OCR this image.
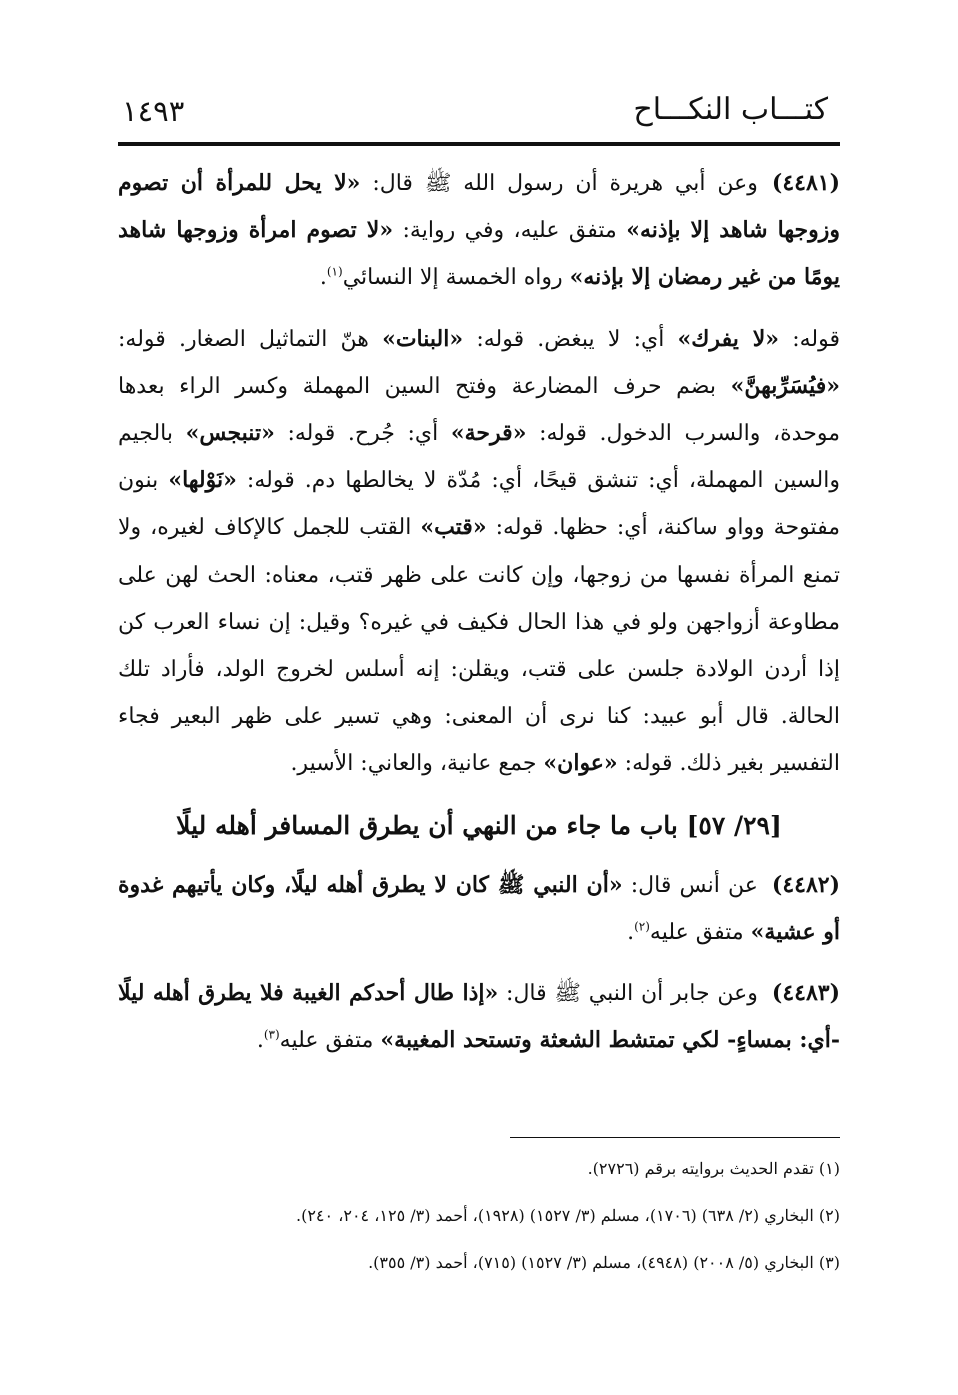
كتـــاب النكـــاح
١٤٩٣

(٤٤٨١)وعن أبي هريرة أن رسول الله ﷺ قال: «لا يحل للمرأة أن تصوم وزوجها شاهد إلا بإذنه» متفق عليه، وفي رواية: «لا تصوم امرأة وزوجها شاهد يومًا من غير رمضان إلا بإذنه» رواه الخمسة إلا النسائي$^{(١)}$.

قوله: «لا يفرك» أي: لا يبغض. قوله: «البنات» هنّ التماثيل الصغار. قوله: «فيُسَرِّبهنَّ» بضم حرف المضارعة وفتح السين المهملة وكسر الراء بعدها موحدة، والسرب الدخول. قوله: «قرحة» أي: جُرح. قوله: «تنبجس» بالجيم والسين المهملة، أي: تنشق قيحًا، أي: مُدّة لا يخالطها دم. قوله: «نَوْلها» بنون مفتوحة وواو ساكنة، أي: حظها. قوله: «قتب» القتب للجمل كالإكاف لغيره، ولا تمنع المرأة نفسها من زوجها، وإن كانت على ظهر قتب، معناه: الحث لهن على مطاوعة أزواجهن ولو في هذا الحال فكيف في غيره؟ وقيل: إن نساء العرب كن إذا أردن الولادة جلسن على قتب، ويقلن: إنه أسلس لخروج الولد، فأراد تلك الحالة. قال أبو عبيد: كنا نرى أن المعنى: وهي تسير على ظهر البعير فجاء التفسير بغير ذلك. قوله: «عوان» جمع عانية، والعاني: الأسير.

[٢٩/ ٥٧] باب ما جاء من النهي أن يطرق المسافر أهله ليلًا

(٤٤٨٢)عن أنس قال: «أن النبي ﷺ كان لا يطرق أهله ليلًا، وكان يأتيهم غدوة أو عشية» متفق عليه$^{(٢)}$.

(٤٤٨٣)وعن جابر أن النبي ﷺ قال: «إذا طال أحدكم الغيبة فلا يطرق أهله ليلًا -أي: بمساءٍ- لكي تمتشط الشعثة وتستحد المغيبة» متفق عليه$^{(٣)}$.

(١) تقدم الحديث بروايته برقم (٢٧٢٦).
(٢) البخاري (٢/ ٦٣٨) (١٧٠٦)، مسلم (٣/ ١٥٢٧) (١٩٢٨)، أحمد (٣/ ١٢٥، ٢٠٤، ٢٤٠).
(٣) البخاري (٥/ ٢٠٠٨) (٤٩٤٨)، مسلم (٣/ ١٥٢٧) (٧١٥)، أحمد (٣/ ٣٥٥).
